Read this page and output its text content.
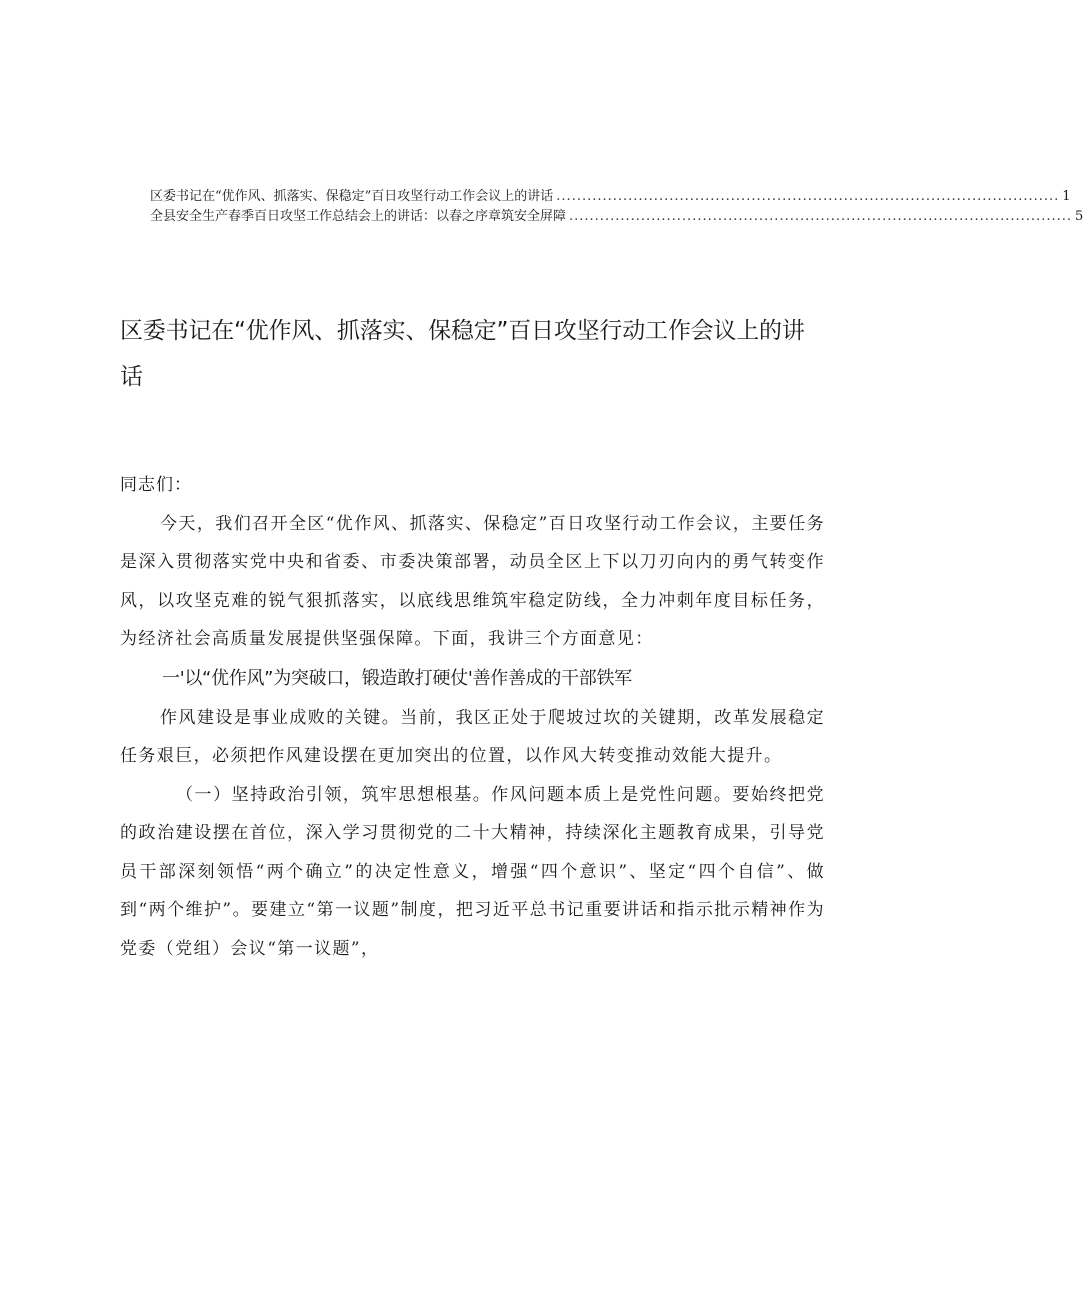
区委书记在“优作风、抓落实、保稳定”百日攻坚行动工作会议上的讲话 .................................................................................................. 1
全县安全生产春季百日攻坚工作总结会上的讲话：以春之序章筑安全屏障 .................................................................................................. 5
区委书记在“优作风、抓落实、保稳定”百日攻坚行动工作会议上的讲话

同志们：

今天，我们召开全区“优作风、抓落实、保稳定”百日攻坚行动工作会议，主要任务是深入贯彻落实党中央和省委、市委决策部署，动员全区上下以刀刃向内的勇气转变作风，以攻坚克难的锐气狠抓落实，以底线思维筑牢稳定防线，全力冲刺年度目标任务，为经济社会高质量发展提供坚强保障。下面，我讲三个方面意见：

一'以“优作风”为突破口，锻造敢打硬仗'善作善成的干部铁军

作风建设是事业成败的关键。当前，我区正处于爬坡过坎的关键期，改革发展稳定任务艰巨，必须把作风建设摆在更加突出的位置，以作风大转变推动效能大提升。

（一）坚持政治引领，筑牢思想根基。作风问题本质上是党性问题。要始终把党的政治建设摆在首位，深入学习贯彻党的二十大精神，持续深化主题教育成果，引导党员干部深刻领悟“两个确立”的决定性意义，增强“四个意识”、坚定“四个自信”、做到“两个维护”。要建立“第一议题”制度，把习近平总书记重要讲话和指示批示精神作为党委（党组）会议“第一议题”，
